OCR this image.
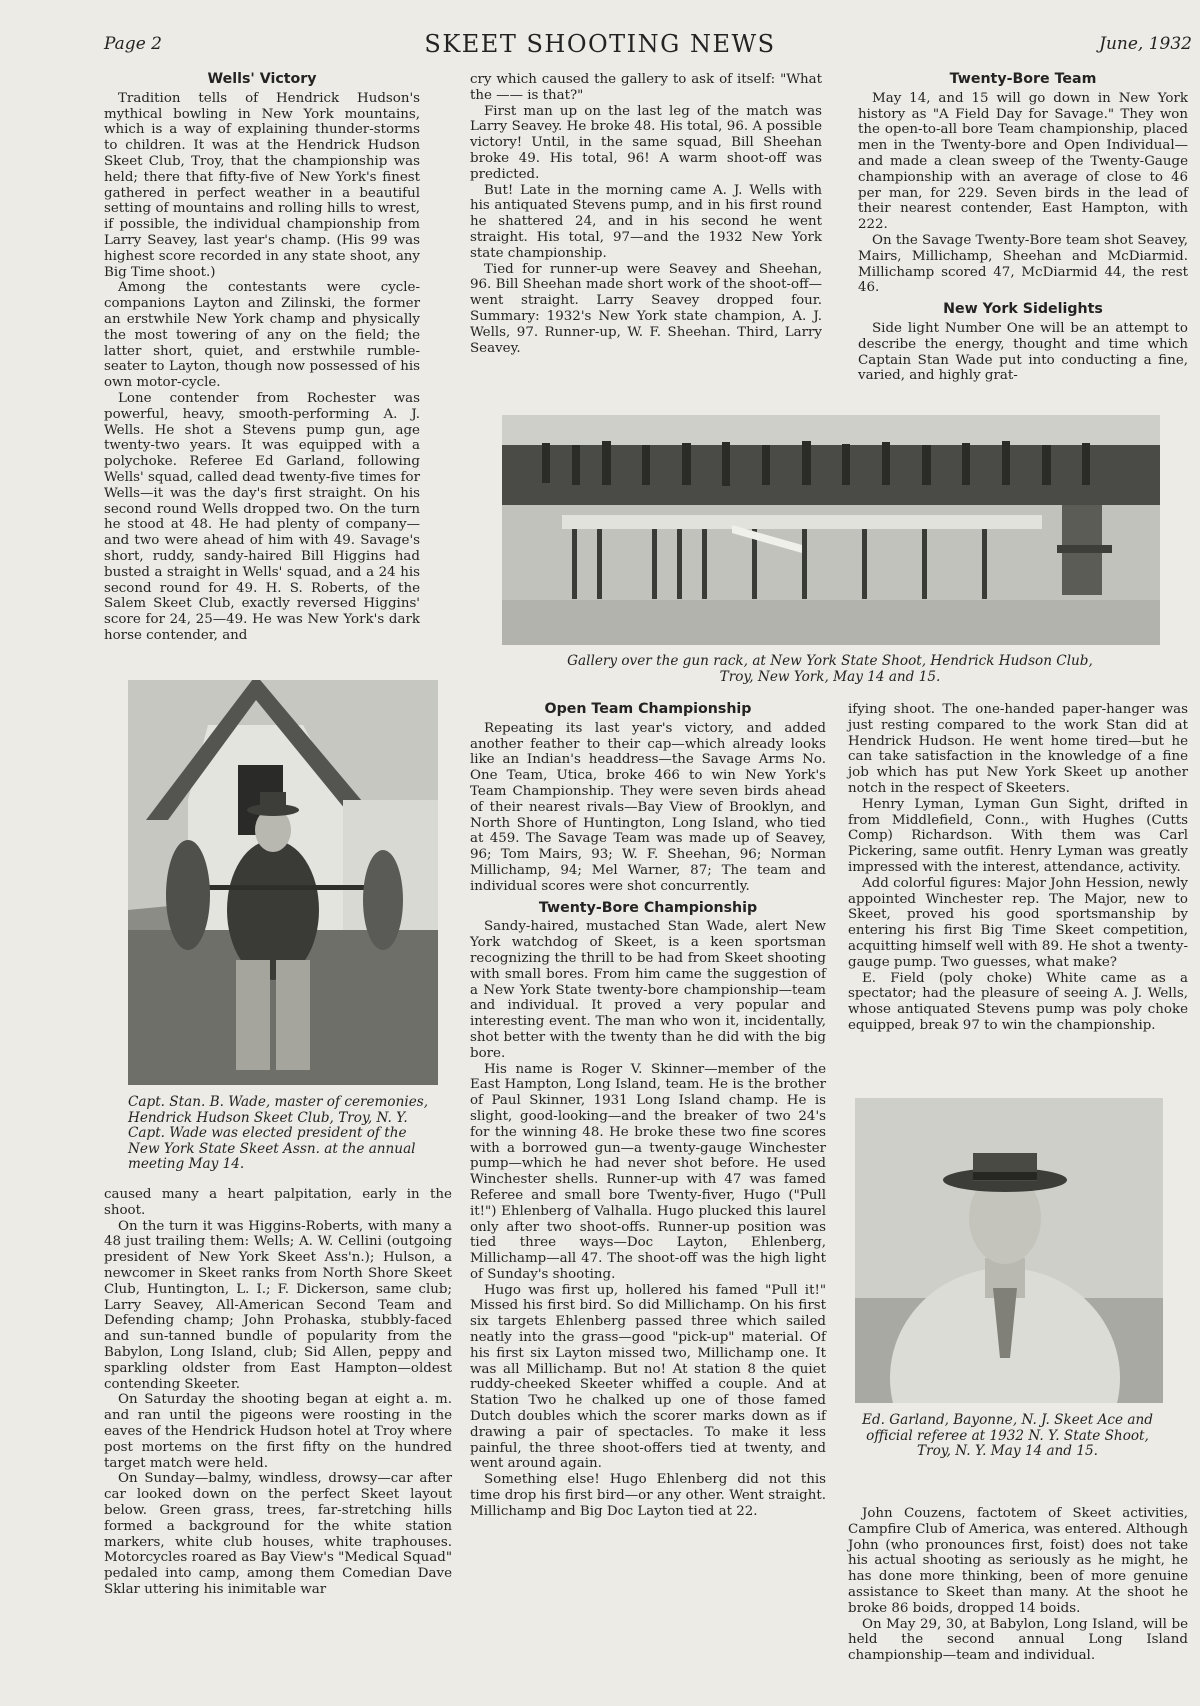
Page 2	SKEET SHOOTING NEWS	June, 1932
Wells' Victory

Tradition tells of Hendrick Hudson's mythical bowling in New York mountains, which is a way of explaining thunder-storms to children. It was at the Hendrick Hudson Skeet Club, Troy, that the championship was held; there that fifty-five of New York's finest gathered in perfect weather in a beautiful setting of mountains and rolling hills to wrest, if possible, the individual championship from Larry Seavey, last year's champ. (His 99 was highest score recorded in any state shoot, any Big Time shoot.)

Among the contestants were cycle-companions Layton and Zilinski, the former an erstwhile New York champ and physically the most towering of any on the field; the latter short, quiet, and erstwhile rumble-seater to Layton, though now possessed of his own motor-cycle.

Lone contender from Rochester was powerful, heavy, smooth-performing A. J. Wells. He shot a Stevens pump gun, age twenty-two years. It was equipped with a polychoke. Referee Ed Garland, following Wells' squad, called dead twenty-five times for Wells—it was the day's first straight. On his second round Wells dropped two. On the turn he stood at 48. He had plenty of company—and two were ahead of him with 49. Savage's short, ruddy, sandy-haired Bill Higgins had busted a straight in Wells' squad, and a 24 his second round for 49. H. S. Roberts, of the Salem Skeet Club, exactly reversed Higgins' score for 24, 25—49. He was New York's dark horse contender, and

Capt. Stan. B. Wade, master of ceremonies, Hendrick Hudson Skeet Club, Troy, N. Y. Capt. Wade was elected president of the New York State Skeet Assn. at the annual meeting May 14.

caused many a heart palpitation, early in the shoot.

On the turn it was Higgins-Roberts, with many a 48 just trailing them: Wells; A. W. Cellini (outgoing president of New York Skeet Ass'n.); Hulson, a newcomer in Skeet ranks from North Shore Skeet Club, Huntington, L. I.; F. Dickerson, same club; Larry Seavey, All-American Second Team and Defending champ; John Prohaska, stubbly-faced and sun-tanned bundle of popularity from the Babylon, Long Island, club; Sid Allen, peppy and sparkling oldster from East Hampton—oldest contending Skeeter.

On Saturday the shooting began at eight a. m. and ran until the pigeons were roosting in the eaves of the Hendrick Hudson hotel at Troy where post mortems on the first fifty on the hundred target match were held.

On Sunday—balmy, windless, drowsy—car after car looked down on the perfect Skeet layout below. Green grass, trees, far-stretching hills formed a background for the white station markers, white club houses, white traphouses. Motorcycles roared as Bay View's "Medical Squad" pedaled into camp, among them Comedian Dave Sklar uttering his inimitable war

cry which caused the gallery to ask of itself: "What the —— is that?"

First man up on the last leg of the match was Larry Seavey. He broke 48. His total, 96. A possible victory! Until, in the same squad, Bill Sheehan broke 49. His total, 96! A warm shoot-off was predicted.

But! Late in the morning came A. J. Wells with his antiquated Stevens pump, and in his first round he shattered 24, and in his second he went straight. His total, 97—and the 1932 New York state championship.

Tied for runner-up were Seavey and Sheehan, 96. Bill Sheehan made short work of the shoot-off—went straight. Larry Seavey dropped four. Summary: 1932's New York state champion, A. J. Wells, 97. Runner-up, W. F. Sheehan. Third, Larry Seavey.

Twenty-Bore Team

May 14, and 15 will go down in New York history as "A Field Day for Savage." They won the open-to-all bore Team championship, placed men in the Twenty-bore and Open Individual—and made a clean sweep of the Twenty-Gauge championship with an average of close to 46 per man, for 229. Seven birds in the lead of their nearest contender, East Hampton, with 222.

On the Savage Twenty-Bore team shot Seavey, Mairs, Millichamp, Sheehan and McDiarmid. Millichamp scored 47, McDiarmid 44, the rest 46.

New York Sidelights

Side light Number One will be an attempt to describe the energy, thought and time which Captain Stan Wade put into conducting a fine, varied, and highly grat-

Gallery over the gun rack, at New York State Shoot, Hendrick Hudson Club,
Troy, New York, May 14 and 15.
Open Team Championship

Repeating its last year's victory, and added another feather to their cap—which already looks like an Indian's headdress—the Savage Arms No. One Team, Utica, broke 466 to win New York's Team Championship. They were seven birds ahead of their nearest rivals—Bay View of Brooklyn, and North Shore of Huntington, Long Island, who tied at 459. The Savage Team was made up of Seavey, 96; Tom Mairs, 93; W. F. Sheehan, 96; Norman Millichamp, 94; Mel Warner, 87; The team and individual scores were shot concurrently.

Twenty-Bore Championship

Sandy-haired, mustached Stan Wade, alert New York watchdog of Skeet, is a keen sportsman recognizing the thrill to be had from Skeet shooting with small bores. From him came the suggestion of a New York State twenty-bore championship—team and individual. It proved a very popular and interesting event. The man who won it, incidentally, shot better with the twenty than he did with the big bore.

His name is Roger V. Skinner—member of the East Hampton, Long Island, team. He is the brother of Paul Skinner, 1931 Long Island champ. He is slight, good-looking—and the breaker of two 24's for the winning 48. He broke these two fine scores with a borrowed gun—a twenty-gauge Winchester pump—which he had never shot before. He used Winchester shells. Runner-up with 47 was famed Referee and small bore Twenty-fiver, Hugo ("Pull it!") Ehlenberg of Valhalla. Hugo plucked this laurel only after two shoot-offs. Runner-up position was tied three ways—Doc Layton, Ehlenberg, Millichamp—all 47. The shoot-off was the high light of Sunday's shooting.

Hugo was first up, hollered his famed "Pull it!" Missed his first bird. So did Millichamp. On his first six targets Ehlenberg passed three which sailed neatly into the grass—good "pick-up" material. Of his first six Layton missed two, Millichamp one. It was all Millichamp. But no! At station 8 the quiet ruddy-cheeked Skeeter whiffed a couple. And at Station Two he chalked up one of those famed Dutch doubles which the scorer marks down as if drawing a pair of spectacles. To make it less painful, the three shoot-offers tied at twenty, and went around again.

Something else! Hugo Ehlenberg did not this time drop his first bird—or any other. Went straight. Millichamp and Big Doc Layton tied at 22.

ifying shoot. The one-handed paper-hanger was just resting compared to the work Stan did at Hendrick Hudson. He went home tired—but he can take satisfaction in the knowledge of a fine job which has put New York Skeet up another notch in the respect of Skeeters.

Henry Lyman, Lyman Gun Sight, drifted in from Middlefield, Conn., with Hughes (Cutts Comp) Richardson. With them was Carl Pickering, same outfit. Henry Lyman was greatly impressed with the interest, attendance, activity.

Add colorful figures: Major John Hession, newly appointed Winchester rep. The Major, new to Skeet, proved his good sportsmanship by entering his first Big Time Skeet competition, acquitting himself well with 89. He shot a twenty-gauge pump. Two guesses, what make?

E. Field (poly choke) White came as a spectator; had the pleasure of seeing A. J. Wells, whose antiquated Stevens pump was poly choke equipped, break 97 to win the championship.

Ed. Garland, Bayonne, N. J. Skeet Ace and official referee at 1932 N. Y. State Shoot, Troy, N. Y. May 14 and 15.

John Couzens, factotem of Skeet activities, Campfire Club of America, was entered. Although John (who pronounces first, foist) does not take his actual shooting as seriously as he might, he has done more thinking, been of more genuine assistance to Skeet than many. At the shoot he broke 86 boids, dropped 14 boids.

On May 29, 30, at Babylon, Long Island, will be held the second annual Long Island championship—team and individual.
